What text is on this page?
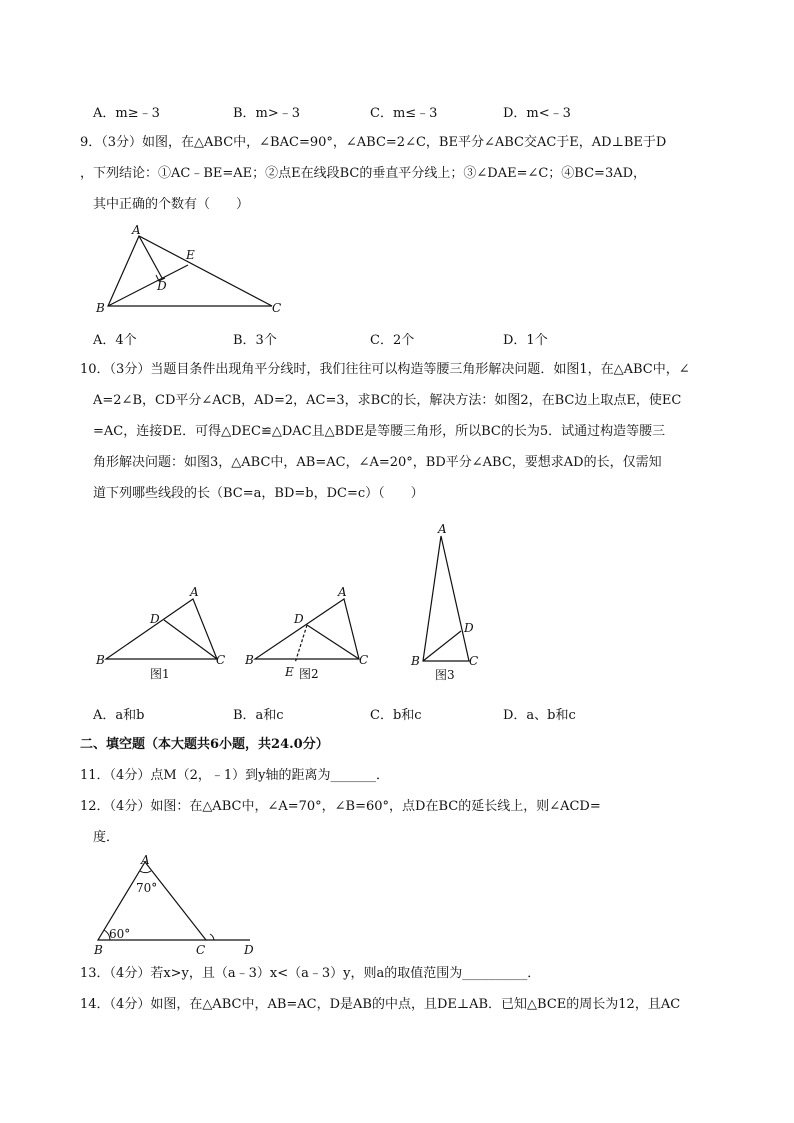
A．m≥﹣3	B．m>﹣3	C．m≤﹣3	D．m<﹣3
9．（3分）如图，在△ABC中，∠BAC=90°，∠ABC=2∠C，BE平分∠ABC交AC于E，AD⊥BE于D
，下列结论：①AC﹣BE=AE；②点E在线段BC的垂直平分线上；③∠DAE=∠C；④BC=3AD，
其中正确的个数有（　　）
A
E
D
B	C
A．4个	B．3个	C．2个	D．1个
10．（3分）当题目条件出现角平分线时，我们往往可以构造等腰三角形解决问题．如图1，在△ABC中，∠
A=2∠B，CD平分∠ACB，AD=2，AC=3，求BC的长，解决方法：如图2，在BC边上取点E，使EC
=AC，连接DE．可得△DEC≌△DAC且△BDE是等腰三角形，所以BC的长为5．试通过构造等腰三
角形解决问题：如图3，△ABC中，AB=AC，∠A=20°，BD平分∠ABC，要想求AD的长，仅需知
道下列哪些线段的长（BC=a，BD=b，DC=c）（　　）
A
D
B	C
图1
A
D
B
E
C
图2
A
D
B	C
图3
A．a和b	B．a和c	C．b和c	D．a、b和c
二、填空题（本大题共6小题，共24.0分）
11．（4分）点M（2，﹣1）到y轴的距离为_______．
12．（4分）如图：在△ABC中，∠A=70°，∠B=60°，点D在BC的延长线上，则∠ACD=
度．
A
70°
60°
B	C	D
13．（4分）若x>y，且（a﹣3）x<（a﹣3）y，则a的取值范围为__________．
14．（4分）如图，在△ABC中，AB=AC，D是AB的中点，且DE⊥AB．已知△BCE的周长为12，且AC
